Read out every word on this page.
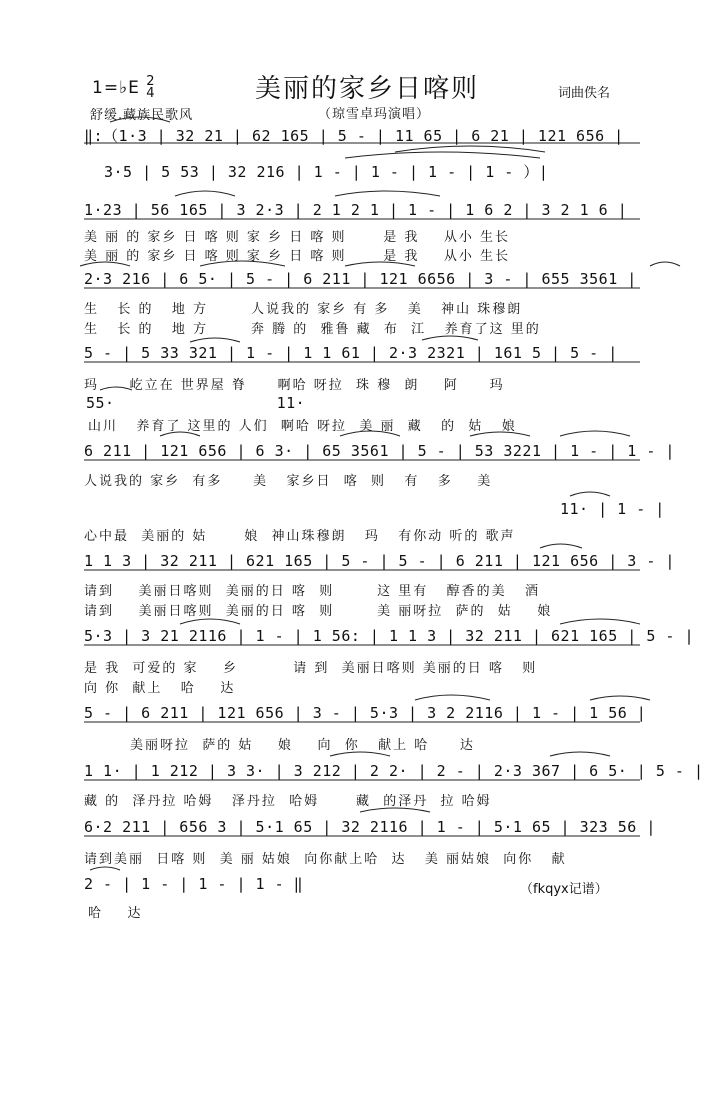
1=♭E 2
4	美丽的家乡日喀则	词曲佚名
舒缓.藏族民歌风	（琼雪卓玛演唱）
‖:（1·3 | 32 21 | 62 165 | 5 - | 11 65 | 6 21 | 121 656 |
3·5 | 5 53 | 32 216 | 1 - | 1 - | 1 - | 1 - ）|
1·23 | 56 165 | 3 2·3 | 2 1 2 1 | 1 - | 1 6 2 | 3 2 1 6 |
美 丽 的 家乡 日 喀 则 家 乡 日 喀 则      是 我    从小 生长
美 丽 的 家乡 日 喀 则 家 乡 日 喀 则      是 我    从小 生长
2·3 216 | 6 5· | 5 - | 6 211 | 121 6656 | 3 - | 655 3561 |
生   长 的   地 方       人说我的 家乡 有 多   美   神山 珠穆朗
生   长 的   地 方       奔 腾 的  雅鲁 藏  布  江   养育了这 里的
5 - | 5 33 321 | 1 - | 1 1 61 | 2·3 2321 | 161 5 | 5 - |
玛     屹立在 世界屋 脊     啊哈 呀拉  珠 穆  朗    阿     玛
55·                 11·
山川   养育了 这里的 人们  啊哈 呀拉  美 丽  藏   的  姑   娘
6 211 | 121 656 | 6 3· | 65 3561 | 5 - | 53 3221 | 1 - | 1 - |
人说我的 家乡  有多     美   家乡日  喀  则   有   多    美
11· | 1 - |
心中最  美丽的 姑      娘  神山珠穆朗   玛   有你动 听的 歌声
1 1 3 | 32 211 | 621 165 | 5 - | 5 - | 6 211 | 121 656 | 3 - |
请到    美丽日喀则  美丽的日 喀  则       这 里有   醇香的美   酒
请到    美丽日喀则  美丽的日 喀  则       美 丽呀拉  萨的  姑    娘
5·3 | 3 21 2116 | 1 - | 1 56: | 1 1 3 | 32 211 | 621 165 | 5 - |
是 我  可爱的 家    乡         请 到  美丽日喀则 美丽的日 喀   则
向 你  献上   哈    达
5 - | 6 211 | 121 656 | 3 - | 5·3 | 3 2 2116 | 1 - | 1 56 |
美丽呀拉  萨的 姑    娘    向  你   献上 哈     达
1 1· | 1 212 | 3 3· | 3 212 | 2 2· | 2 - | 2·3 367 | 6 5· | 5 - |
藏 的  泽丹拉 哈姆   泽丹拉  哈姆      藏  的泽丹  拉 哈姆
6·2 211 | 656 3 | 5·1 65 | 32 2116 | 1 - | 5·1 65 | 323 56 |
请到美丽  日喀 则  美 丽 姑娘  向你献上哈  达   美 丽姑娘  向你   献
2 - | 1 - | 1 - | 1 - ‖
哈    达
（fkqyx记谱）
